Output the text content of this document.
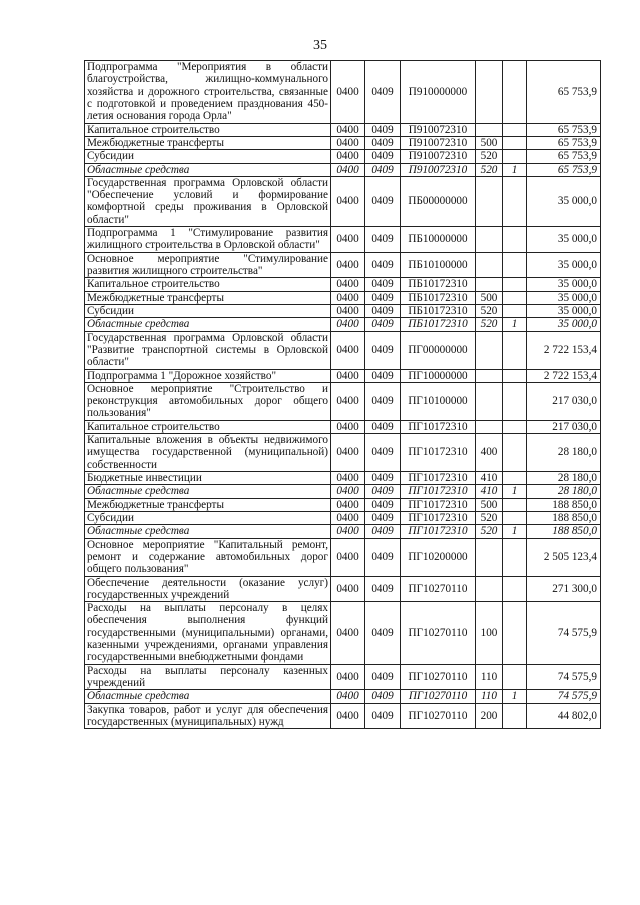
35
Подпрограмма "Мероприятия в области благоустройства, жилищно-коммунального хозяйства и дорожного строительства, связанные с подготовкой и проведением празднования 450-летия основания города Орла"	0400	0409	П910000000			65 753,9
Капитальное строительство	0400	0409	П910072310			65 753,9
Межбюджетные трансферты	0400	0409	П910072310	500		65 753,9
Субсидии	0400	0409	П910072310	520		65 753,9
Областные средства	0400	0409	П910072310	520	1	65 753,9
Государственная программа Орловской области "Обеспечение условий и формирование комфортной среды проживания в Орловской области"	0400	0409	ПБ00000000			35 000,0
Подпрограмма 1 "Стимулирование развития жилищного строительства в Орловской области"	0400	0409	ПБ10000000			35 000,0
Основное мероприятие "Стимулирование развития жилищного строительства"	0400	0409	ПБ10100000			35 000,0
Капитальное строительство	0400	0409	ПБ10172310			35 000,0
Межбюджетные трансферты	0400	0409	ПБ10172310	500		35 000,0
Субсидии	0400	0409	ПБ10172310	520		35 000,0
Областные средства	0400	0409	ПБ10172310	520	1	35 000,0
Государственная программа Орловской области "Развитие транспортной системы в Орловской области"	0400	0409	ПГ00000000			2 722 153,4
Подпрограмма 1 "Дорожное хозяйство"	0400	0409	ПГ10000000			2 722 153,4
Основное мероприятие "Строительство и реконструкция автомобильных дорог общего пользования"	0400	0409	ПГ10100000			217 030,0
Капитальное строительство	0400	0409	ПГ10172310			217 030,0
Капитальные вложения в объекты недвижимого имущества государственной (муниципальной) собственности	0400	0409	ПГ10172310	400		28 180,0
Бюджетные инвестиции	0400	0409	ПГ10172310	410		28 180,0
Областные средства	0400	0409	ПГ10172310	410	1	28 180,0
Межбюджетные трансферты	0400	0409	ПГ10172310	500		188 850,0
Субсидии	0400	0409	ПГ10172310	520		188 850,0
Областные средства	0400	0409	ПГ10172310	520	1	188 850,0
Основное мероприятие "Капитальный ремонт, ремонт и содержание автомобильных дорог общего пользования"	0400	0409	ПГ10200000			2 505 123,4
Обеспечение деятельности (оказание услуг) государственных учреждений	0400	0409	ПГ10270110			271 300,0
Расходы на выплаты персоналу в целях обеспечения выполнения функций государственными (муниципальными) органами, казенными учреждениями, органами управления государственными внебюджетными фондами	0400	0409	ПГ10270110	100		74 575,9
Расходы на выплаты персоналу казенных учреждений	0400	0409	ПГ10270110	110		74 575,9
Областные средства	0400	0409	ПГ10270110	110	1	74 575,9
Закупка товаров, работ и услуг для обеспечения государственных (муниципальных) нужд	0400	0409	ПГ10270110	200		44 802,0
